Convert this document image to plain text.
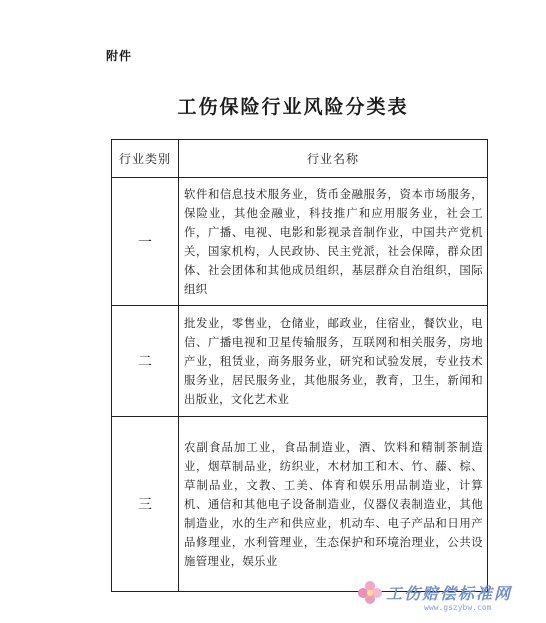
附件
工伤保险行业风险分类表
行业类别	行业名称
一	软件和信息技术服务业，货币金融服务，资本市场服务，保险业，其他金融业，科技推广和应用服务业，社会工作，广播、电视、电影和影视录音制作业，中国共产党机关，国家机构，人民政协、民主党派，社会保障，群众团体、社会团体和其他成员组织，基层群众自治组织，国际组织
二	批发业，零售业，仓储业，邮政业，住宿业，餐饮业，电信、广播电视和卫星传输服务，互联网和相关服务，房地产业，租赁业，商务服务业，研究和试验发展，专业技术服务业，居民服务业，其他服务业，教育，卫生，新闻和出版业，文化艺术业
三	农副食品加工业，食品制造业，酒、饮料和精制茶制造业，烟草制品业，纺织业，木材加工和木、竹、藤、棕、草制品业，文教、工美、体育和娱乐用品制造业，计算机、通信和其他电子设备制造业，仪器仪表制造业，其他制造业，水的生产和供应业，机动车、电子产品和日用产品修理业，水利管理业，生态保护和环境治理业，公共设施管理业，娱乐业
工伤赔偿标准网
www.gszybw.com
